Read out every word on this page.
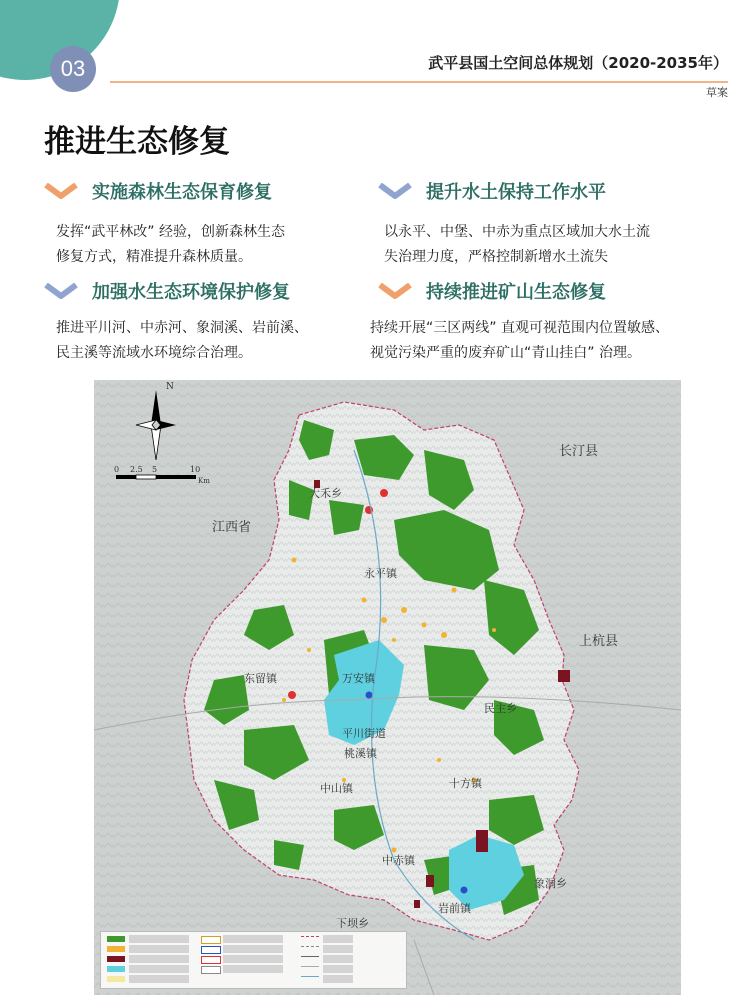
03	武平县国土空间总体规划（2020-2035年）
草案
推进生态修复
实施森林生态保育修复
发挥“武平林改” 经验，创新森林生态
修复方式，精准提升森林质量。
提升水土保持工作水平
以永平、中堡、中赤为重点区域加大水土流
失治理力度，严格控制新增水土流失
加强水生态环境保护修复
推进平川河、中赤河、象洞溪、岩前溪、
民主溪等流域水环境综合治理。
持续推进矿山生态修复
持续开展“三区两线” 直观可视范围内位置敏感、
视觉污染严重的废弃矿山“青山挂白” 治理。
N
0 2.5 5	10
Km
江西省
长汀县
上杭县
永平镇
万安镇
平川街道
中山镇
中赤镇
岩前镇
象洞乡
东留镇
十方镇
民主乡
桃溪镇
大禾乡
下坝乡
